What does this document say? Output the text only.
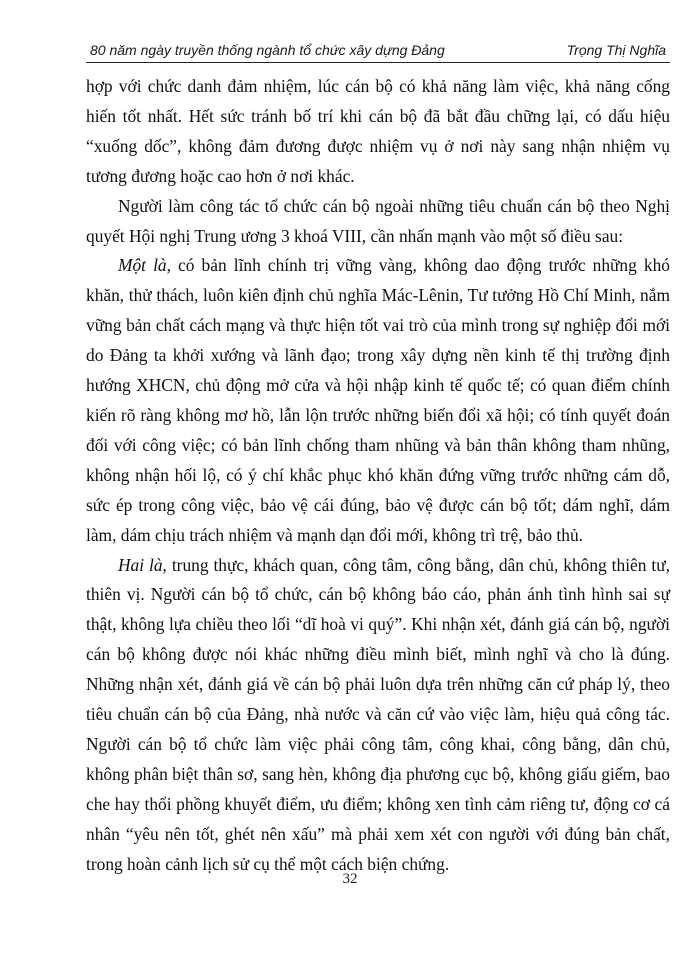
80 năm ngày truyền thống ngành tổ chức xây dựng Đảng	Trọng Thị Nghĩa

hợp với chức danh đảm nhiệm, lúc cán bộ có khả năng làm việc, khả năng cống hiến tốt nhất. Hết sức tránh bố trí khi cán bộ đã bắt đầu chững lại, có dấu hiệu “xuống dốc”, không đảm đương được nhiệm vụ ở nơi này sang nhận nhiệm vụ tương đương hoặc cao hơn ở nơi khác.

Người làm công tác tổ chức cán bộ ngoài những tiêu chuẩn cán bộ theo Nghị quyết Hội nghị Trung ương 3 khoá VIII, cần nhấn mạnh vào một số điều sau:

Một là, có bản lĩnh chính trị vững vàng, không dao động trước những khó khăn, thử thách, luôn kiên định chủ nghĩa Mác-Lênin, Tư tưởng Hồ Chí Minh, nắm vững bản chất cách mạng và thực hiện tốt vai trò của mình trong sự nghiệp đổi mới do Đảng ta khởi xướng và lãnh đạo; trong xây dựng nền kinh tế thị trường định hướng XHCN, chủ động mở cửa và hội nhập kinh tế quốc tế; có quan điểm chính kiến rõ ràng không mơ hồ, lẫn lộn trước những biến đổi xã hội; có tính quyết đoán đối với công việc; có bản lĩnh chống tham nhũng và bản thân không tham nhũng, không nhận hối lộ, có ý chí khắc phục khó khăn đứng vững trước những cám dỗ, sức ép trong công việc, bảo vệ cái đúng, bảo vệ được cán bộ tốt; dám nghĩ, dám làm, dám chịu trách nhiệm và mạnh dạn đổi mới, không trì trệ, bảo thủ.

Hai là, trung thực, khách quan, công tâm, công bằng, dân chủ, không thiên tư, thiên vị. Người cán bộ tổ chức, cán bộ không báo cáo, phản ánh tình hình sai sự thật, không lựa chiều theo lối “dĩ hoà vi quý”. Khi nhận xét, đánh giá cán bộ, người cán bộ không được nói khác những điều mình biết, mình nghĩ và cho là đúng. Những nhận xét, đánh giá về cán bộ phải luôn dựa trên những căn cứ pháp lý, theo tiêu chuẩn cán bộ của Đảng, nhà nước và căn cứ vào việc làm, hiệu quả công tác. Người cán bộ tổ chức làm việc phải công tâm, công khai, công bằng, dân chủ, không phân biệt thân sơ, sang hèn, không địa phương cục bộ, không giấu giếm, bao che hay thổi phồng khuyết điểm, ưu điểm; không xen tình cảm riêng tư, động cơ cá nhân “yêu nên tốt, ghét nên xấu” mà phải xem xét con người với đúng bản chất, trong hoàn cảnh lịch sử cụ thể một cách biện chứng.

32
